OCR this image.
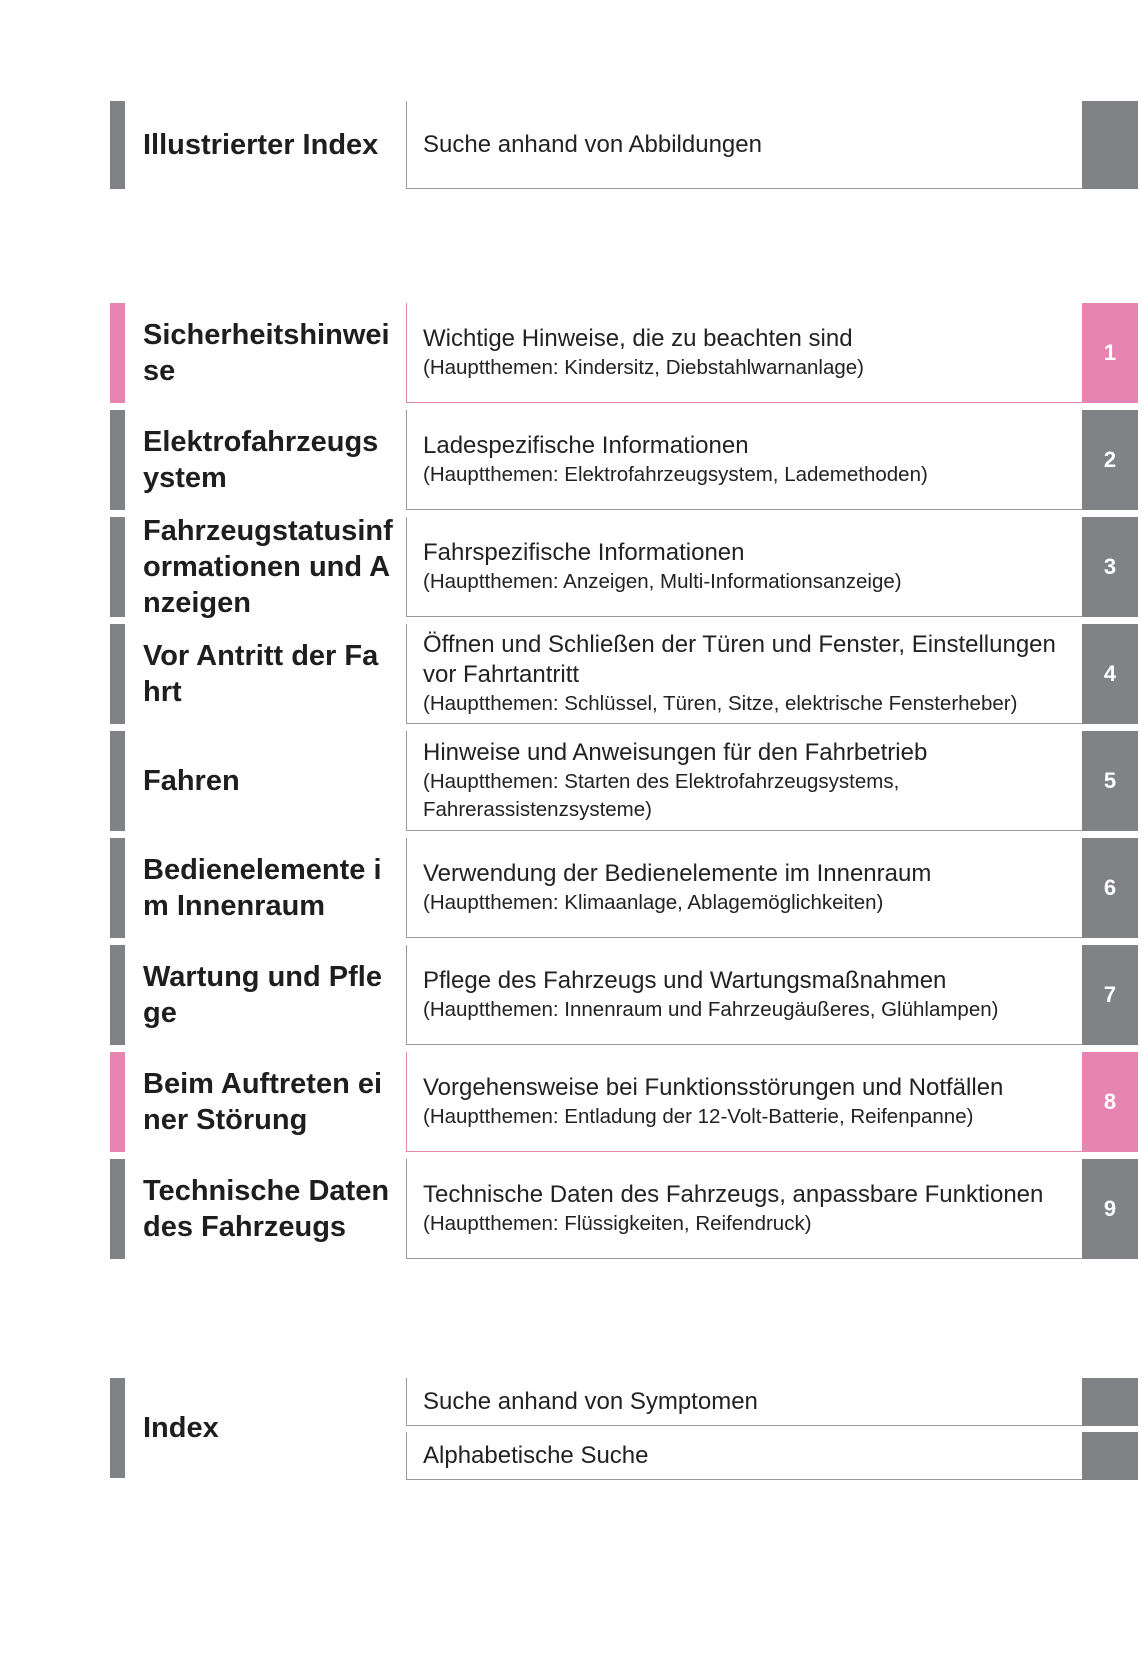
Illustrierter Index	Suche anhand von Abbildungen
Sicherheitshinweise
Wichtige Hinweise, die zu beachten sind
(Hauptthemen: Kindersitz, Diebstahlwarnanlage)
1
Elektrofahrzeugsystem
Ladespezifische Informationen
(Hauptthemen: Elektrofahrzeugsystem, Lademethoden)
2
Fahrzeugstatusinformationen und Anzeigen
Fahrspezifische Informationen
(Hauptthemen: Anzeigen, Multi-Informationsanzeige)
3
Vor Antritt der Fahrt
Öffnen und Schließen der Türen und Fenster, Einstellungen vor Fahrtantritt
(Hauptthemen: Schlüssel, Türen, Sitze, elektrische Fensterheber)
4
Fahren
Hinweise und Anweisungen für den Fahrbetrieb
(Hauptthemen: Starten des Elektrofahrzeugsystems, Fahrerassistenzsysteme)
5
Bedienelemente im Innenraum
Verwendung der Bedienelemente im Innenraum
(Hauptthemen: Klimaanlage, Ablagemöglichkeiten)
6
Wartung und Pflege
Pflege des Fahrzeugs und Wartungsmaßnahmen
(Hauptthemen: Innenraum und Fahrzeugäußeres, Glühlampen)
7
Beim Auftreten einer Störung
Vorgehensweise bei Funktionsstörungen und Notfällen
(Hauptthemen: Entladung der 12-Volt-Batterie, Reifenpanne)
8
Technische Daten des Fahrzeugs
Technische Daten des Fahrzeugs, anpassbare Funktionen
(Hauptthemen: Flüssigkeiten, Reifendruck)
9
Index
Suche anhand von Symptomen
Alphabetische Suche
